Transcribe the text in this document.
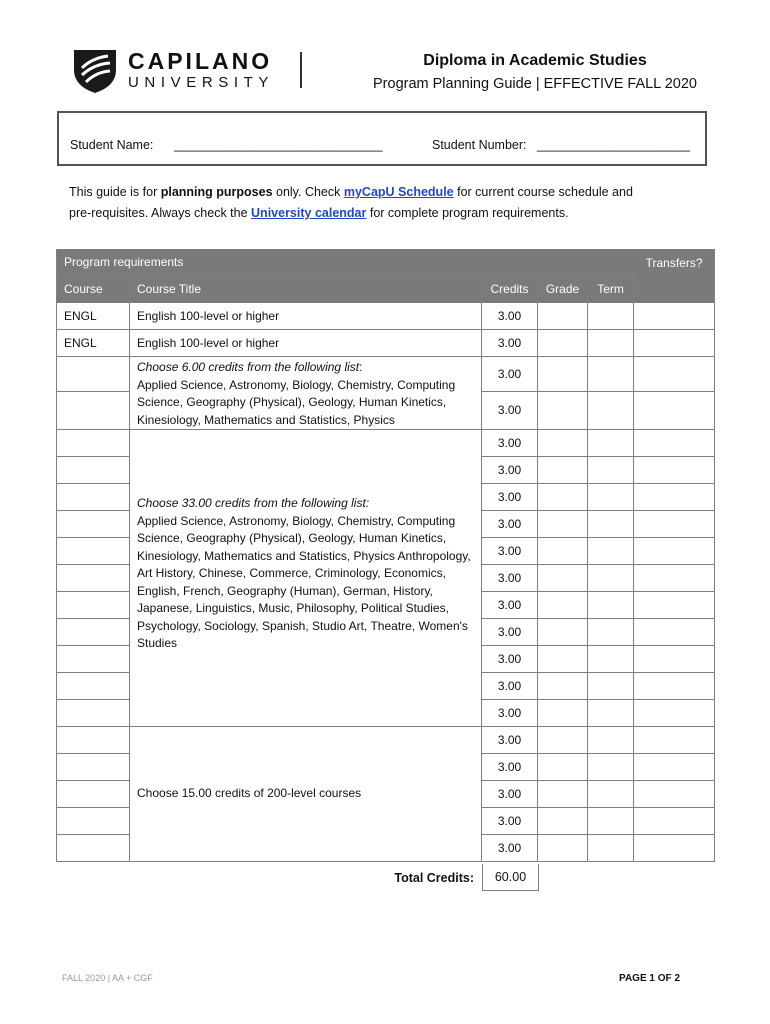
CAPILANO
UNIVERSITY
Diploma in Academic Studies
Program Planning Guide | EFFECTIVE FALL 2020
Student Name: ______________________________	Student Number: ______________________
This guide is for planning purposes only. Check myCapU Schedule for current course schedule and
pre-requisites. Always check the University calendar for complete program requirements.
Program requirements					Transfers?
Course	Course Title	Credits	Grade	Term	
ENGL	English 100-level or higher	3.00			
ENGL	English 100-level or higher	3.00			
	Choose 6.00 credits from the following list:
Applied Science, Astronomy, Biology, Chemistry, Computing Science, Geography (Physical), Geology, Human Kinetics, Kinesiology, Mathematics and Statistics, Physics	3.00			
		3.00			

	Choose 33.00 credits from the following list:
Applied Science, Astronomy, Biology, Chemistry, Computing Science, Geography (Physical), Geology, Human Kinetics, Kinesiology, Mathematics and Statistics, Physics Anthropology, Art History, Chinese, Commerce, Criminology, Economics, English, French, Geography (Human), German, History, Japanese, Linguistics, Music, Philosophy, Political Studies, Psychology, Sociology, Spanish, Studio Art, Theatre, Women's Studies	3.00			
		3.00			
		3.00			
		3.00			
		3.00			
		3.00			
		3.00			
		3.00			
		3.00			
		3.00			
		3.00			
	Choose 15.00 credits of 200-level courses	3.00			
		3.00			
		3.00			
		3.00			
		3.00			
Total Credits:	60.00
FALL 2020 | AA + CGF	PAGE 1 OF 2
